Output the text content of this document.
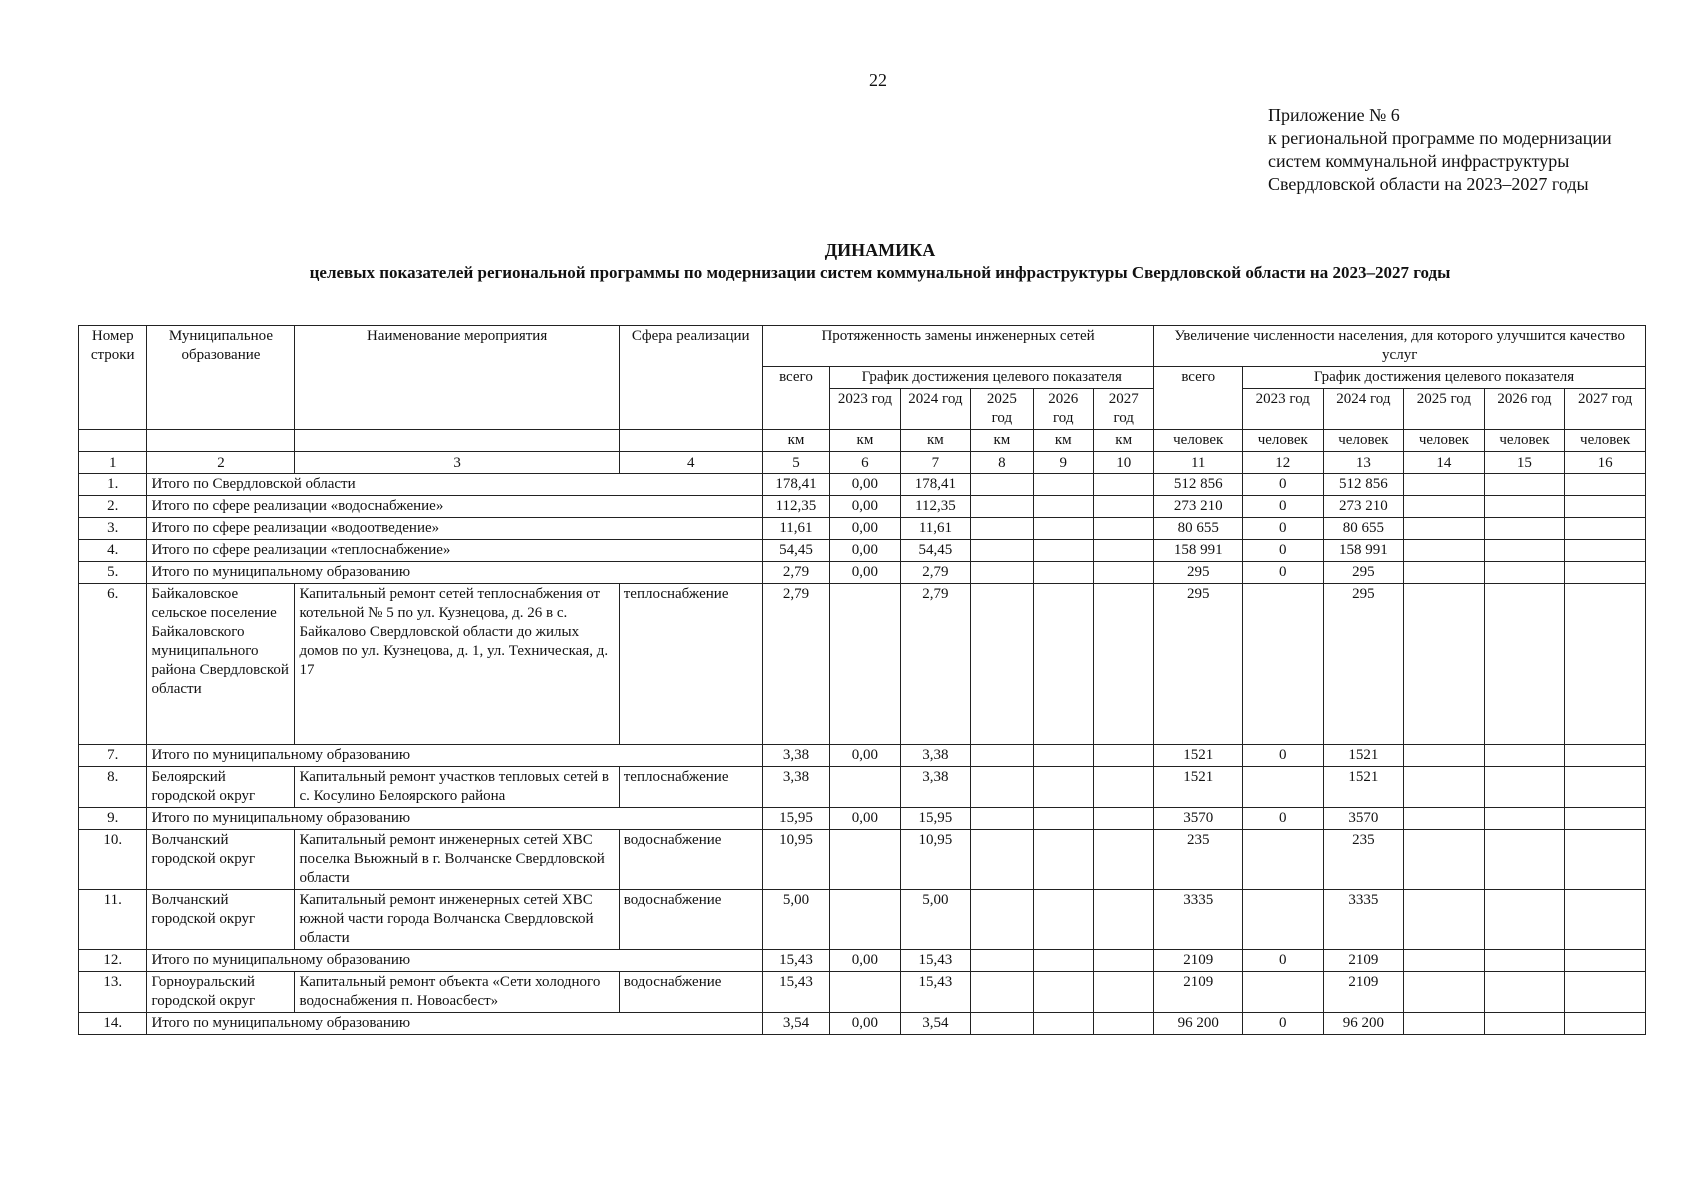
22
Приложение № 6
к региональной программе по модернизации
систем коммунальной инфраструктуры
Свердловской области на 2023–2027 годы
ДИНАМИКА
целевых показателей региональной программы по модернизации систем коммунальной инфраструктуры Свердловской области на 2023–2027 годы
Номер строки	Муниципальное образование	Наименование мероприятия	Сфера реализации	Протяженность замены инженерных сетей						Увеличение численности населения, для которого улучшится качество услуг					
				всего	График достижения целевого показателя					всего	График достижения целевого показателя				
					2023 год	2024 год	2025 год	2026 год	2027 год		2023 год	2024 год	2025 год	2026 год	2027 год
				км	км	км	км	км	км	человек	человек	человек	человек	человек	человек
1	2	3	4	5	6	7	8	9	10	11	12	13	14	15	16
1.	Итого по Свердловской области			178,41	0,00	178,41				512 856	0	512 856			
2.	Итого по сфере реализации «водоснабжение»			112,35	0,00	112,35				273 210	0	273 210			
3.	Итого по сфере реализации «водоотведение»			11,61	0,00	11,61				80 655	0	80 655			
4.	Итого по сфере реализации «теплоснабжение»			54,45	0,00	54,45				158 991	0	158 991			
5.	Итого по муниципальному образованию			2,79	0,00	2,79				295	0	295			
6.	Байкаловское сельское поселение Байкаловского муниципального района Свердловской области	Капитальный ремонт сетей теплоснабжения от котельной № 5 по ул. Кузнецова, д. 26 в с. Байкалово Свердловской области до жилых домов по ул. Кузнецова, д. 1, ул. Техническая, д. 17	теплоснабжение	2,79		2,79				295		295			
7.	Итого по муниципальному образованию			3,38	0,00	3,38				1521	0	1521			
8.	Белоярский городской округ	Капитальный ремонт участков тепловых сетей в с. Косулино Белоярского района	теплоснабжение	3,38		3,38				1521		1521			
9.	Итого по муниципальному образованию			15,95	0,00	15,95				3570	0	3570			
10.	Волчанский городской округ	Капитальный ремонт инженерных сетей ХВС поселка Вьюжный в г. Волчанске Свердловской области	водоснабжение	10,95		10,95				235		235			
11.	Волчанский городской округ	Капитальный ремонт инженерных сетей ХВС южной части города Волчанска Свердловской области	водоснабжение	5,00		5,00				3335		3335			
12.	Итого по муниципальному образованию			15,43	0,00	15,43				2109	0	2109			
13.	Горноуральский городской округ	Капитальный ремонт объекта «Сети холодного водоснабжения п. Новоасбест»	водоснабжение	15,43		15,43				2109		2109			
14.	Итого по муниципальному образованию			3,54	0,00	3,54				96 200	0	96 200			
